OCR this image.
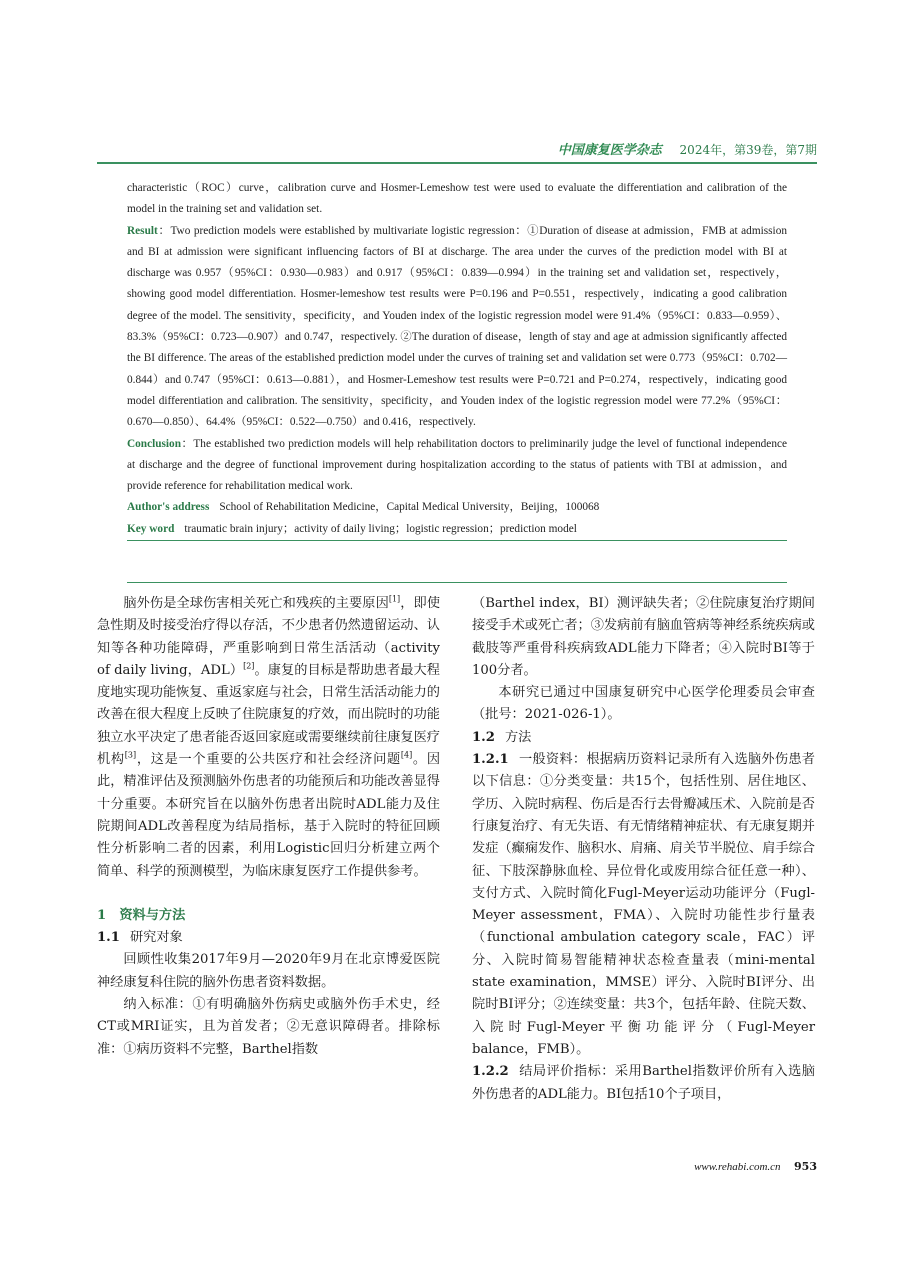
中国康复医学杂志 2024年，第39卷，第7期

characteristic（ROC）curve，calibration curve and Hosmer-Lemeshow test were used to evaluate the differentiation and calibration of the model in the training set and validation set.

Result：Two prediction models were established by multivariate logistic regression：①Duration of disease at admission，FMB at admission and BI at admission were significant influencing factors of BI at discharge. The area under the curves of the prediction model with BI at discharge was 0.957（95%CI：0.930—0.983）and 0.917（95%CI：0.839—0.994）in the training set and validation set，respectively，showing good model differentiation. Hosmer-lemeshow test results were P=0.196 and P=0.551，respectively，indicating a good calibration degree of the model. The sensitivity，specificity，and Youden index of the logistic regression model were 91.4%（95%CI：0.833—0.959）、83.3%（95%CI：0.723—0.907）and 0.747，respectively. ②The duration of disease，length of stay and age at admission significantly affected the BI difference. The areas of the established prediction model under the curves of training set and validation set were 0.773（95%CI：0.702—0.844）and 0.747（95%CI：0.613—0.881），and Hosmer-Lemeshow test results were P=0.721 and P=0.274，respectively，indicating good model differentiation and calibration. The sensitivity，specificity，and Youden index of the logistic regression model were 77.2%（95%CI：0.670—0.850）、64.4%（95%CI：0.522—0.750）and 0.416，respectively.

Conclusion：The established two prediction models will help rehabilitation doctors to preliminarily judge the level of functional independence at discharge and the degree of functional improvement during hospitalization according to the status of patients with TBI at admission，and provide reference for rehabilitation medical work.

Author's address School of Rehabilitation Medicine，Capital Medical University，Beijing，100068

Key word traumatic brain injury；activity of daily living；logistic regression；prediction model

脑外伤是全球伤害相关死亡和残疾的主要原因[1]，即使急性期及时接受治疗得以存活，不少患者仍然遗留运动、认知等各种功能障碍，严重影响到日常生活活动（activity of daily living，ADL）[2]。康复的目标是帮助患者最大程度地实现功能恢复、重返家庭与社会，日常生活活动能力的改善在很大程度上反映了住院康复的疗效，而出院时的功能独立水平决定了患者能否返回家庭或需要继续前往康复医疗机构[3]，这是一个重要的公共医疗和社会经济问题[4]。因此，精准评估及预测脑外伤患者的功能预后和功能改善显得十分重要。本研究旨在以脑外伤患者出院时ADL能力及住院期间ADL改善程度为结局指标，基于入院时的特征回顾性分析影响二者的因素，利用Logistic回归分析建立两个简单、科学的预测模型，为临床康复医疗工作提供参考。

1　资料与方法

1.1 研究对象

回顾性收集2017年9月—2020年9月在北京博爱医院神经康复科住院的脑外伤患者资料数据。

纳入标准：①有明确脑外伤病史或脑外伤手术史，经CT或MRI证实，且为首发者；②无意识障碍者。排除标准：①病历资料不完整，Barthel指数

（Barthel index，BI）测评缺失者；②住院康复治疗期间接受手术或死亡者；③发病前有脑血管病等神经系统疾病或截肢等严重骨科疾病致ADL能力下降者；④入院时BI等于100分者。

本研究已通过中国康复研究中心医学伦理委员会审查（批号：2021-026-1）。

1.2 方法

1.2.1 一般资料：根据病历资料记录所有入选脑外伤患者以下信息：①分类变量：共15个，包括性别、居住地区、学历、入院时病程、伤后是否行去骨瓣减压术、入院前是否行康复治疗、有无失语、有无情绪精神症状、有无康复期并发症（癫痫发作、脑积水、肩痛、肩关节半脱位、肩手综合征、下肢深静脉血栓、异位骨化或废用综合征任意一种）、支付方式、入院时简化Fugl-Meyer运动功能评分（Fugl-Meyer assessment，FMA）、入院时功能性步行量表（functional ambulation category scale，FAC）评分、入院时简易智能精神状态检查量表（mini-mental state examination，MMSE）评分、入院时BI评分、出院时BI评分；②连续变量：共3个，包括年龄、住院天数、入院时Fugl-Meyer平衡功能评分（Fugl-Meyer balance，FMB）。

1.2.2 结局评价指标：采用Barthel指数评价所有入选脑外伤患者的ADL能力。BI包括10个子项目，

www.rehabi.com.cn 953
